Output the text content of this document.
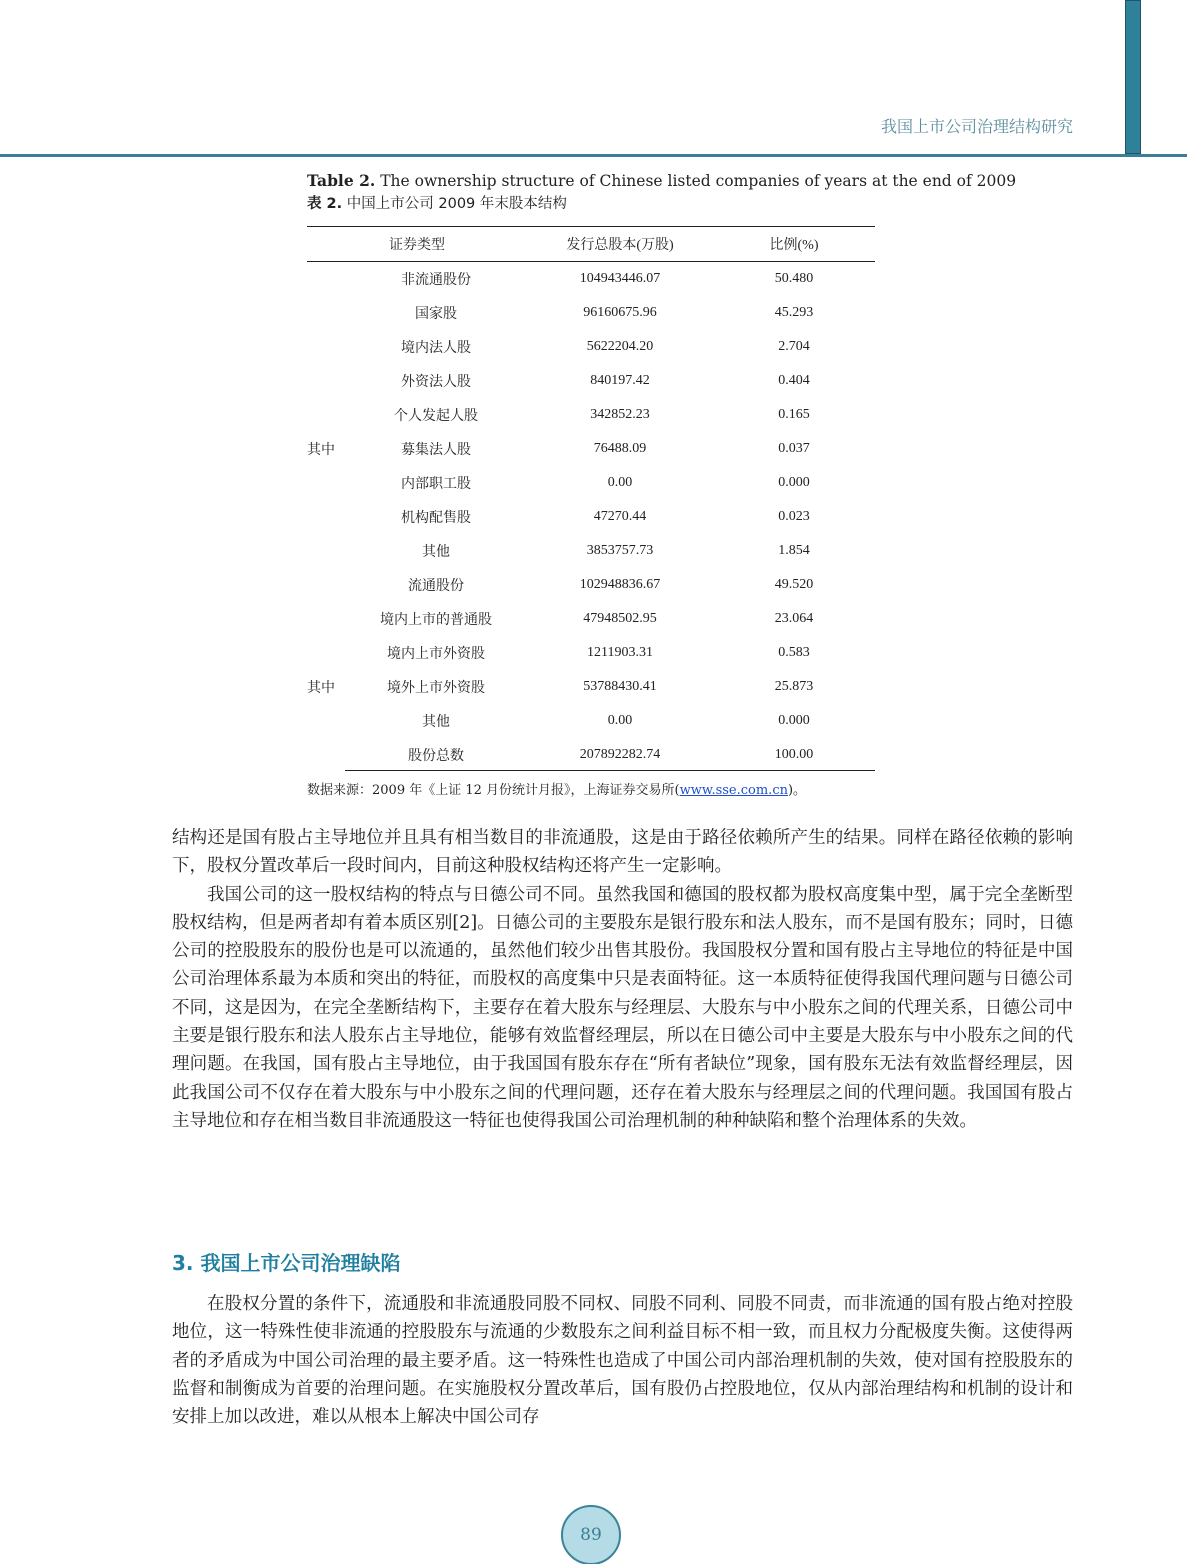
我国上市公司治理结构研究
Table 2. The ownership structure of Chinese listed companies of years at the end of 2009
表 2. 中国上市公司 2009 年末股本结构
证券类型		发行总股本(万股)	比例(%)
	非流通股份	104943446.07	50.480
	国家股	96160675.96	45.293
	境内法人股	5622204.20	2.704
	外资法人股	840197.42	0.404
	个人发起人股	342852.23	0.165
其中	募集法人股	76488.09	0.037
	内部职工股	0.00	0.000
	机构配售股	47270.44	0.023
	其他	3853757.73	1.854
	流通股份	102948836.67	49.520
	境内上市的普通股	47948502.95	23.064
	境内上市外资股	1211903.31	0.583
其中	境外上市外资股	53788430.41	25.873
	其他	0.00	0.000
	股份总数	207892282.74	100.00
数据来源：2009 年《上证 12 月份统计月报》，上海证券交易所(www.sse.com.cn)。

结构还是国有股占主导地位并且具有相当数目的非流通股，这是由于路径依赖所产生的结果。同样在路径依赖的影响下，股权分置改革后一段时间内，目前这种股权结构还将产生一定影响。

我国公司的这一股权结构的特点与日德公司不同。虽然我国和德国的股权都为股权高度集中型，属于完全垄断型股权结构，但是两者却有着本质区别[2]。日德公司的主要股东是银行股东和法人股东，而不是国有股东；同时，日德公司的控股股东的股份也是可以流通的，虽然他们较少出售其股份。我国股权分置和国有股占主导地位的特征是中国公司治理体系最为本质和突出的特征，而股权的高度集中只是表面特征。这一本质特征使得我国代理问题与日德公司不同，这是因为，在完全垄断结构下，主要存在着大股东与经理层、大股东与中小股东之间的代理关系，日德公司中主要是银行股东和法人股东占主导地位，能够有效监督经理层，所以在日德公司中主要是大股东与中小股东之间的代理问题。在我国，国有股占主导地位，由于我国国有股东存在“所有者缺位”现象，国有股东无法有效监督经理层，因此我国公司不仅存在着大股东与中小股东之间的代理问题，还存在着大股东与经理层之间的代理问题。我国国有股占主导地位和存在相当数目非流通股这一特征也使得我国公司治理机制的种种缺陷和整个治理体系的失效。

3. 我国上市公司治理缺陷

在股权分置的条件下，流通股和非流通股同股不同权、同股不同利、同股不同责，而非流通的国有股占绝对控股地位，这一特殊性使非流通的控股股东与流通的少数股东之间利益目标不相一致，而且权力分配极度失衡。这使得两者的矛盾成为中国公司治理的最主要矛盾。这一特殊性也造成了中国公司内部治理机制的失效，使对国有控股股东的监督和制衡成为首要的治理问题。在实施股权分置改革后，国有股仍占控股地位，仅从内部治理结构和机制的设计和安排上加以改进，难以从根本上解决中国公司存

89
